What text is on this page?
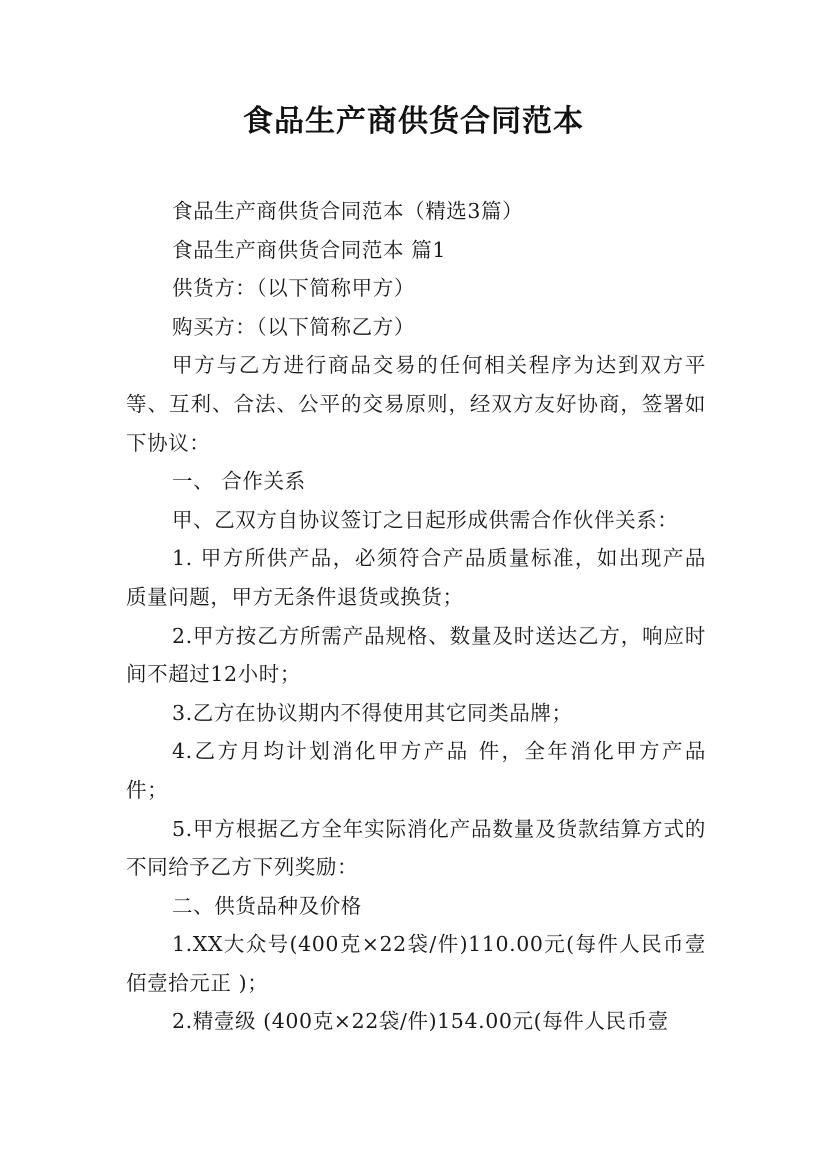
食品生产商供货合同范本

食品生产商供货合同范本（精选3篇）

食品生产商供货合同范本 篇1

供货方：（以下简称甲方）

购买方：（以下简称乙方）

甲方与乙方进行商品交易的任何相关程序为达到双方平等、互利、合法、公平的交易原则，经双方友好协商，签署如下协议：

一、 合作关系

甲、乙双方自协议签订之日起形成供需合作伙伴关系：

1. 甲方所供产品，必须符合产品质量标准，如出现产品质量问题，甲方无条件退货或换货；

2.甲方按乙方所需产品规格、数量及时送达乙方，响应时间不超过12小时；

3.乙方在协议期内不得使用其它同类品牌；

4.乙方月均计划消化甲方产品 件，全年消化甲方产品 件；

5.甲方根据乙方全年实际消化产品数量及货款结算方式的不同给予乙方下列奖励：

二、供货品种及价格

1.XX大众号(400克×22袋/件)110.00元(每件人民币壹佰壹拾元正 )；

2.精壹级 (400克×22袋/件)154.00元(每件人民币壹
